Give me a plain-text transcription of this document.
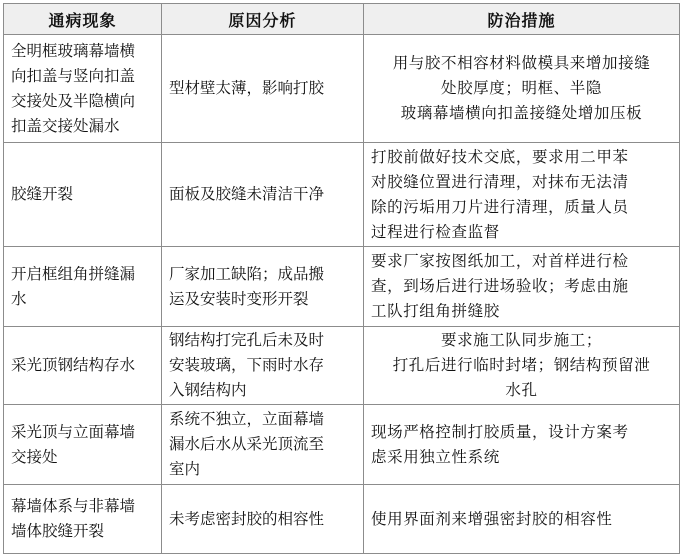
通病现象	原因分析	防治措施

全明框玻璃幕墙横
向扣盖与竖向扣盖
交接处及半隐横向
扣盖交接处漏水	型材壁太薄，影响打胶	用与胶不相容材料做模具来增加接缝
处胶厚度；明框、半隐
玻璃幕墙横向扣盖接缝处增加压板

胶缝开裂	面板及胶缝未清洁干净	打胶前做好技术交底，要求用二甲苯
对胶缝位置进行清理，对抹布无法清
除的污垢用刀片进行清理，质量人员
过程进行检查监督

开启框组角拼缝漏
水	厂家加工缺陷；成品搬
运及安装时变形开裂	要求厂家按图纸加工，对首样进行检
查，到场后进行进场验收；考虑由施
工队打组角拼缝胶

采光顶钢结构存水	钢结构打完孔后未及时
安装玻璃，下雨时水存
入钢结构内	要求施工队同步施工；
打孔后进行临时封堵；钢结构预留泄
水孔

采光顶与立面幕墙
交接处	系统不独立，立面幕墙
漏水后水从采光顶流至
室内	现场严格控制打胶质量，设计方案考
虑采用独立性系统

幕墙体系与非幕墙
墙体胶缝开裂	未考虑密封胶的相容性	使用界面剂来增强密封胶的相容性
